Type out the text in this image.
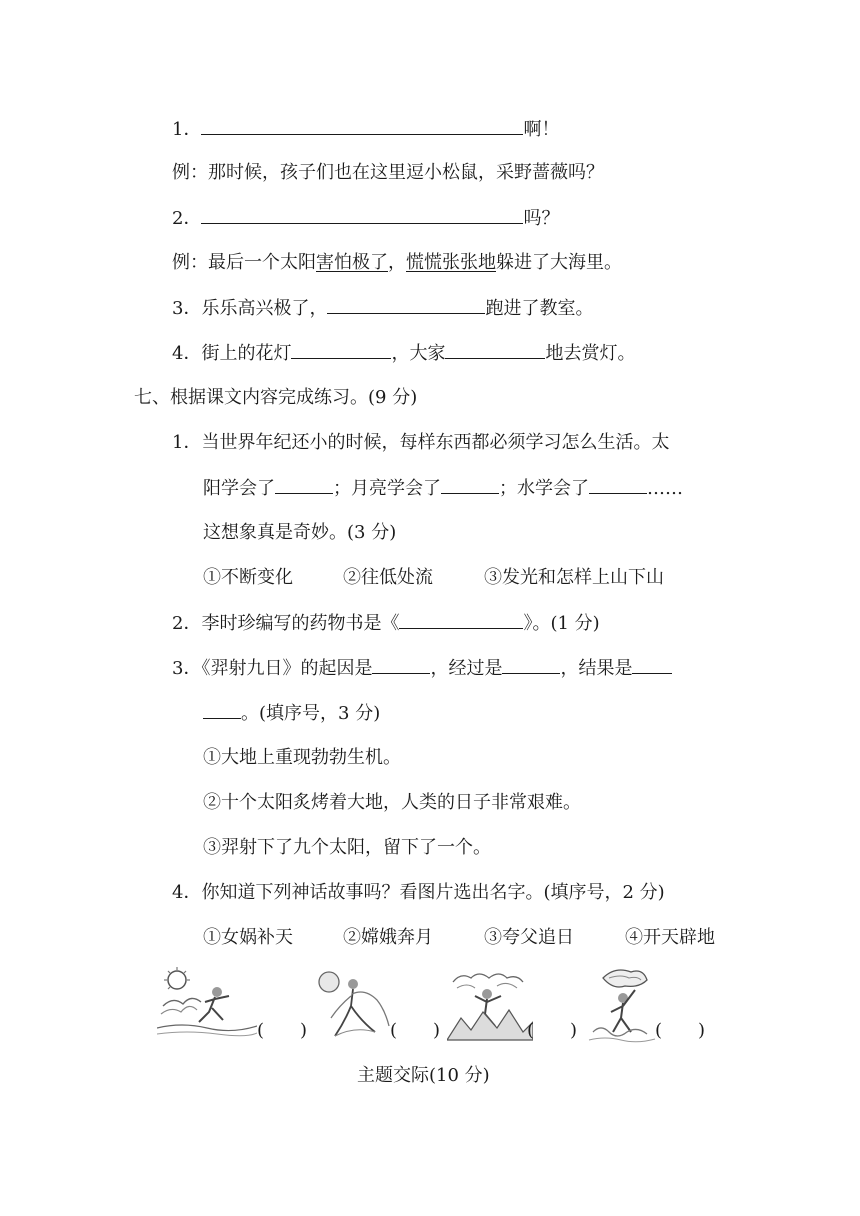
1．	啊！
例：那时候，孩子们也在这里逗小松鼠，采野蔷薇吗？
2．	吗？
例：最后一个太阳害怕极了，慌慌张张地躲进了大海里。
3．乐乐高兴极了，	跑进了教室。
4．街上的花灯	，大家	地去赏灯。
七、根据课文内容完成练习。(9 分)
1．当世界年纪还小的时候，每样东西都必须学习怎么生活。太
阳学会了	；月亮学会了	；水学会了	……
这想象真是奇妙。(3 分)
①不断变化	②往低处流	③发光和怎样上山下山
2．李时珍编写的药物书是《	》。(1 分)
3．《羿射九日》的起因是	，经过是	，结果是
。(填序号，3 分)
①大地上重现勃勃生机。
②十个太阳炙烤着大地，人类的日子非常艰难。
③羿射下了九个太阳，留下了一个。
4．你知道下列神话故事吗？看图片选出名字。(填序号，2 分)
①女娲补天	②嫦娥奔月	③夸父追日	④开天辟地
(　　)	(　　)	(　　)	(　　)
主题交际(10 分)
